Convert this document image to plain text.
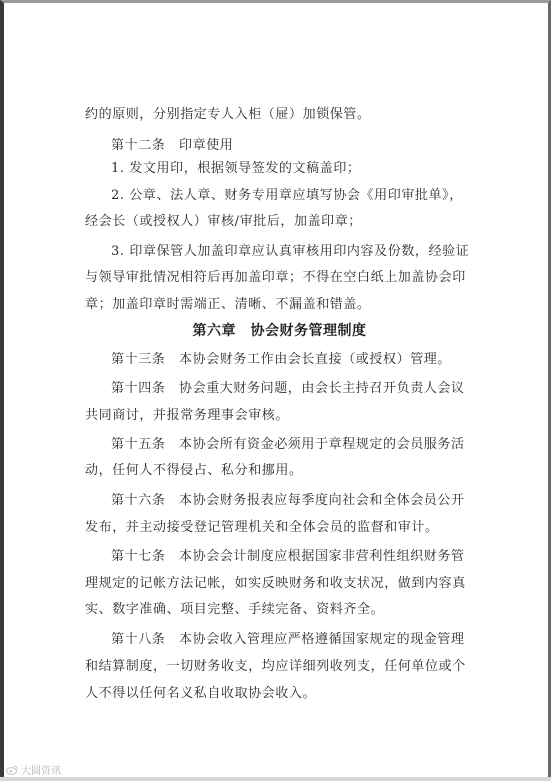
约的原则，分别指定专人入柜（屉）加锁保管。
第十二条　印章使用
1. 发文用印，根据领导签发的文稿盖印；
2. 公章、法人章、财务专用章应填写协会《用印审批单》，
经会长（或授权人）审核/审批后，加盖印章；
3. 印章保管人加盖印章应认真审核用印内容及份数，经验证
与领导审批情况相符后再加盖印章；不得在空白纸上加盖协会印
章；加盖印章时需端正、清晰、不漏盖和错盖。
第六章　协会财务管理制度
第十三条　本协会财务工作由会长直接（或授权）管理。
第十四条　协会重大财务问题，由会长主持召开负责人会议
共同商讨，并报常务理事会审核。
第十五条　本协会所有资金必须用于章程规定的会员服务活
动，任何人不得侵占、私分和挪用。
第十六条　本协会财务报表应每季度向社会和全体会员公开
发布，并主动接受登记管理机关和全体会员的监督和审计。
第十七条　本协会会计制度应根据国家非营利性组织财务管
理规定的记帐方法记帐，如实反映财务和收支状况，做到内容真
实、数字准确、项目完整、手续完备、资料齐全。
第十八条　本协会收入管理应严格遵循国家规定的现金管理
和结算制度，一切财务收支，均应详细列收列支，任何单位或个
人不得以任何名义私自收取协会收入。
大圆资讯
